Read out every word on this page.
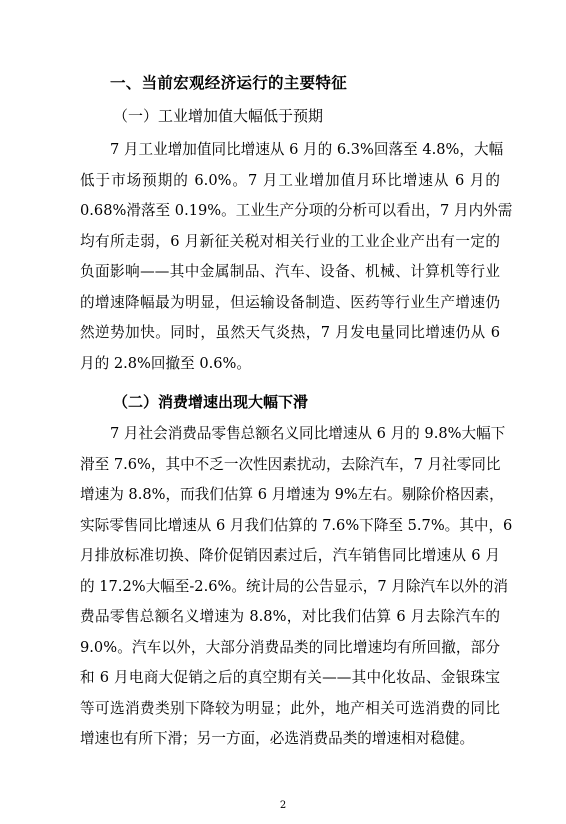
一、当前宏观经济运行的主要特征
（一）工业增加值大幅低于预期
7 月工业增加值同比增速从 6 月的 6.3%回落至 4.8%，大幅
低于市场预期的 6.0%。7 月工业增加值月环比增速从 6 月的
0.68%滑落至 0.19%。工业生产分项的分析可以看出，7 月内外需
均有所走弱，6 月新征关税对相关行业的工业企业产出有一定的
负面影响——其中金属制品、汽车、设备、机械、计算机等行业
的增速降幅最为明显，但运输设备制造、医药等行业生产增速仍
然逆势加快。同时，虽然天气炎热，7 月发电量同比增速仍从 6
月的 2.8%回撤至 0.6%。
（二）消费增速出现大幅下滑
7 月社会消费品零售总额名义同比增速从 6 月的 9.8%大幅下
滑至 7.6%，其中不乏一次性因素扰动，去除汽车，7 月社零同比
增速为 8.8%，而我们估算 6 月增速为 9%左右。剔除价格因素，
实际零售同比增速从 6 月我们估算的 7.6%下降至 5.7%。其中，6
月排放标准切换、降价促销因素过后，汽车销售同比增速从 6 月
的 17.2%大幅至-2.6%。统计局的公告显示，7 月除汽车以外的消
费品零售总额名义增速为 8.8%，对比我们估算 6 月去除汽车的
9.0%。汽车以外，大部分消费品类的同比增速均有所回撤，部分
和 6 月电商大促销之后的真空期有关——其中化妆品、金银珠宝
等可选消费类别下降较为明显；此外，地产相关可选消费的同比
增速也有所下滑；另一方面，必选消费品类的增速相对稳健。
2
